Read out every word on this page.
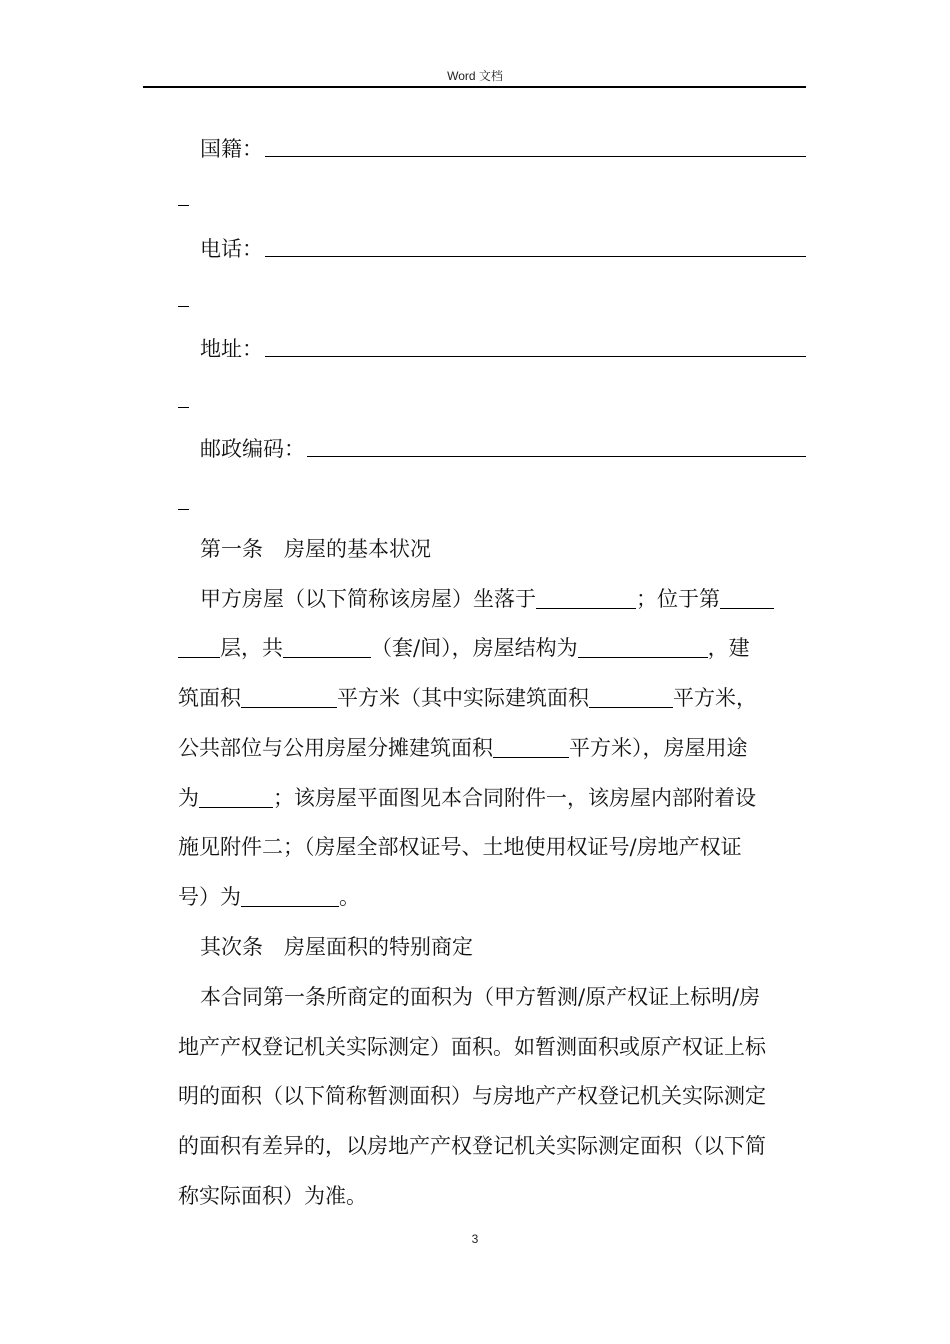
Word 文档
国籍：
电话：
地址：
邮政编码：
第一条　房屋的基本状况
甲方房屋（以下简称该房屋）坐落于	；位于第
层，共	（套/间），房屋结构为	，建
筑面积	平方米（其中实际建筑面积	平方米，
公共部位与公用房屋分摊建筑面积	平方米），房屋用途
为	；该房屋平面图见本合同附件一，该房屋内部附着设
施见附件二；（房屋全部权证号、土地使用权证号/房地产权证
号）为	。
其次条　房屋面积的特别商定
本合同第一条所商定的面积为（甲方暂测/原产权证上标明/房
地产产权登记机关实际测定）面积。如暂测面积或原产权证上标
明的面积（以下简称暂测面积）与房地产产权登记机关实际测定
的面积有差异的，以房地产产权登记机关实际测定面积（以下简
称实际面积）为准。
3
